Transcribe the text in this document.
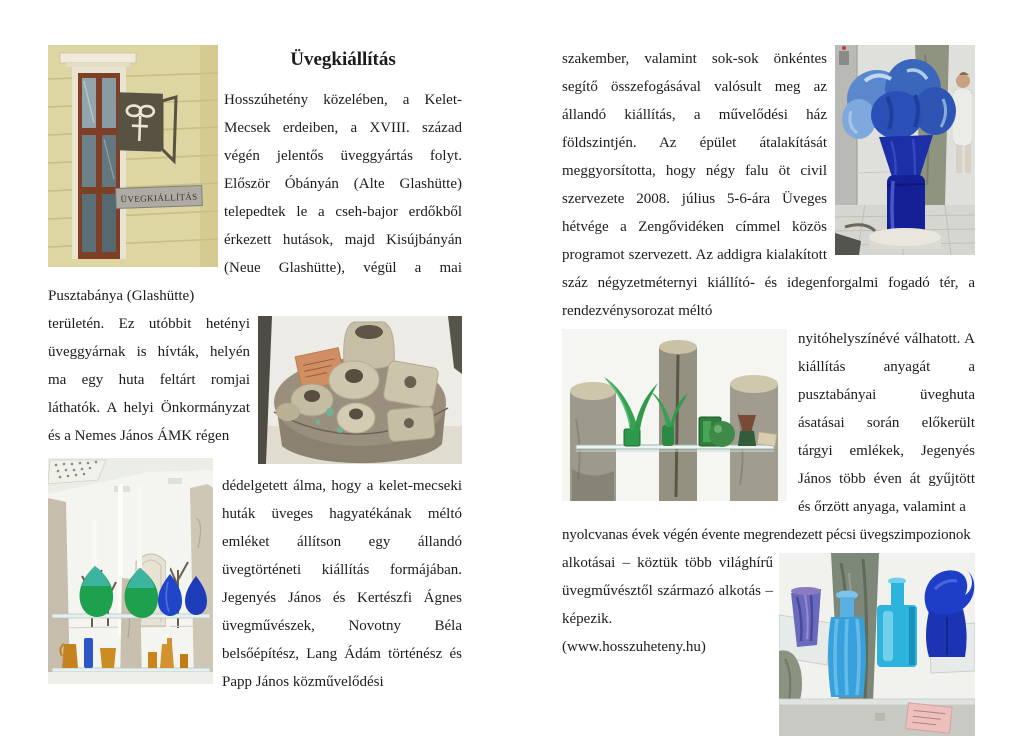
ÜVEGKIÁLLÍTÁS
Üvegkiállítás

Hosszúhetény közelében, a Kelet-Mecsek erdeiben, a XVIII. század végén jelentős üveggyártás folyt. Először Óbányán (Alte Glashütte) telepedtek le a cseh-bajor erdőkből érkezett hutások, majd Kisújbányán (Neue Glashütte), végül a mai Pusztabánya (Glashütte)

területén. Ez utóbbit hetényi üveggyárnak is hívták, helyén ma egy huta feltárt romjai láthatók. A helyi Önkormányzat és a Nemes János ÁMK régen

dédelgetett álma, hogy a kelet-mecseki huták üveges hagyatékának méltó emléket állítson egy állandó üvegtörténeti kiállítás formájában. Jegenyés János és Kertészfi Ágnes üvegművészek, Novotny Béla belsőépítész, Lang Ádám történész és Papp János közművelődési

szakember, valamint sok-sok önkéntes segítő összefogásával valósult meg az állandó kiállítás, a művelődési ház földszintjén. Az épület átalakítását meggyorsította, hogy négy falu öt civil szervezete 2008. július 5-6-ára Üveges hétvége a Zengővidéken címmel közös programot szervezett. Az addigra kialakított száz négyzetméternyi kiállító- és idegenforgalmi fogadó tér, a rendezvénysorozat méltó

nyitóhelyszínévé válhatott. A kiállítás anyagát a pusztabányai üveghuta ásatásai során előkerült tárgyi emlékek, Jegenyés János több éven át gyűjtött és őrzött anyaga, valamint a

nyolcvanas évek végén évente megrendezett pécsi üvegszimpozionok

alkotásai – köztük több világhírű üvegművésztől származó alkotás – képezik.

(www.hosszuheteny.hu)
